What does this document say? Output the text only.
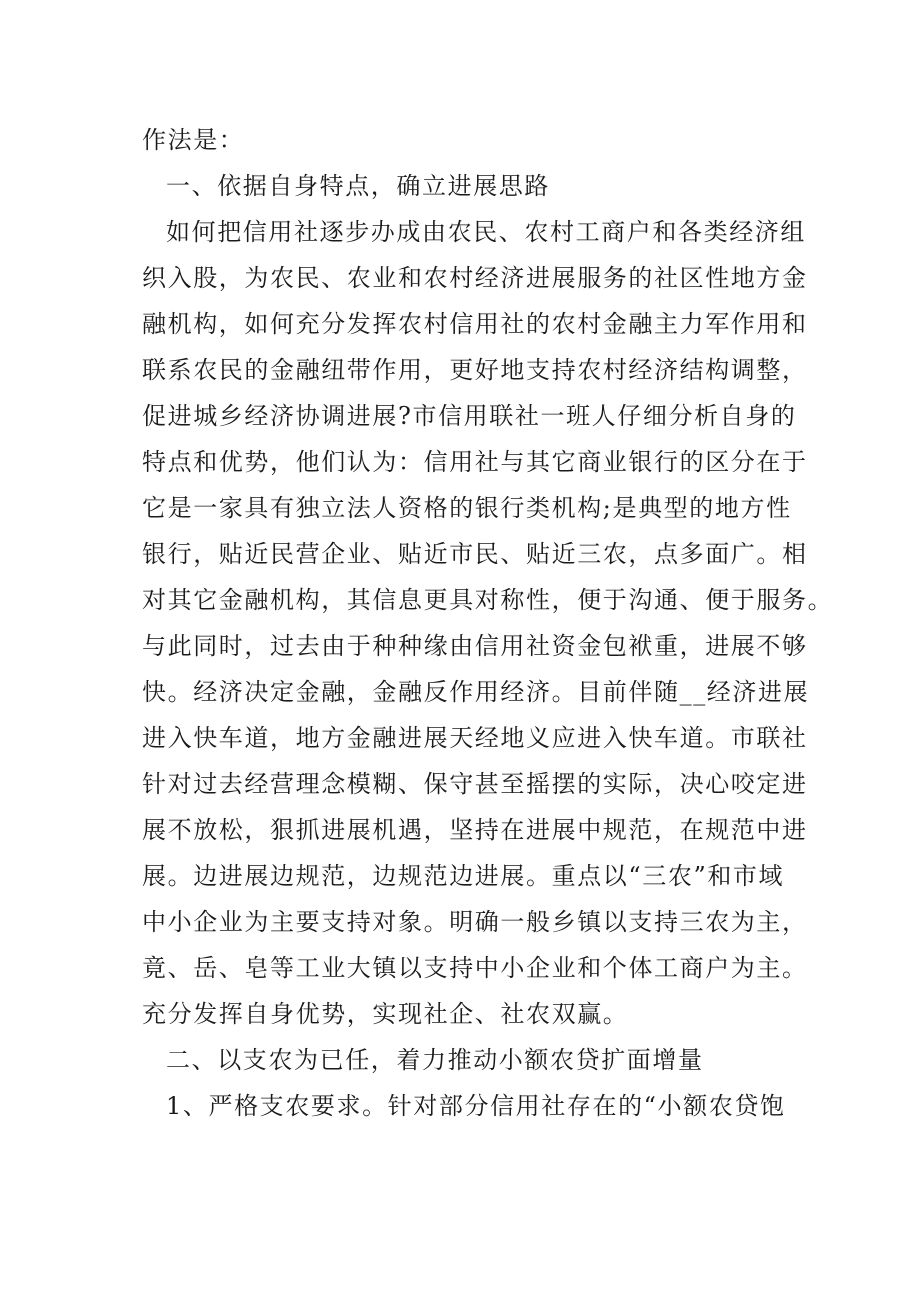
作法是：
一、依据自身特点，确立进展思路
如何把信用社逐步办成由农民、农村工商户和各类经济组
织入股，为农民、农业和农村经济进展服务的社区性地方金
融机构，如何充分发挥农村信用社的农村金融主力军作用和
联系农民的金融纽带作用，更好地支持农村经济结构调整，
促进城乡经济协调进展?市信用联社一班人仔细分析自身的
特点和优势，他们认为：信用社与其它商业银行的区分在于
它是一家具有独立法人资格的银行类机构;是典型的地方性
银行，贴近民营企业、贴近市民、贴近三农，点多面广。相
对其它金融机构，其信息更具对称性，便于沟通、便于服务。
与此同时，过去由于种种缘由信用社资金包袱重，进展不够
快。经济决定金融，金融反作用经济。目前伴随__经济进展
进入快车道，地方金融进展天经地义应进入快车道。市联社
针对过去经营理念模糊、保守甚至摇摆的实际，决心咬定进
展不放松，狠抓进展机遇，坚持在进展中规范，在规范中进
展。边进展边规范，边规范边进展。重点以“三农”和市域
中小企业为主要支持对象。明确一般乡镇以支持三农为主，
竟、岳、皂等工业大镇以支持中小企业和个体工商户为主。
充分发挥自身优势，实现社企、社农双赢。
二、以支农为已任，着力推动小额农贷扩面增量
1、严格支农要求。针对部分信用社存在的“小额农贷饱
